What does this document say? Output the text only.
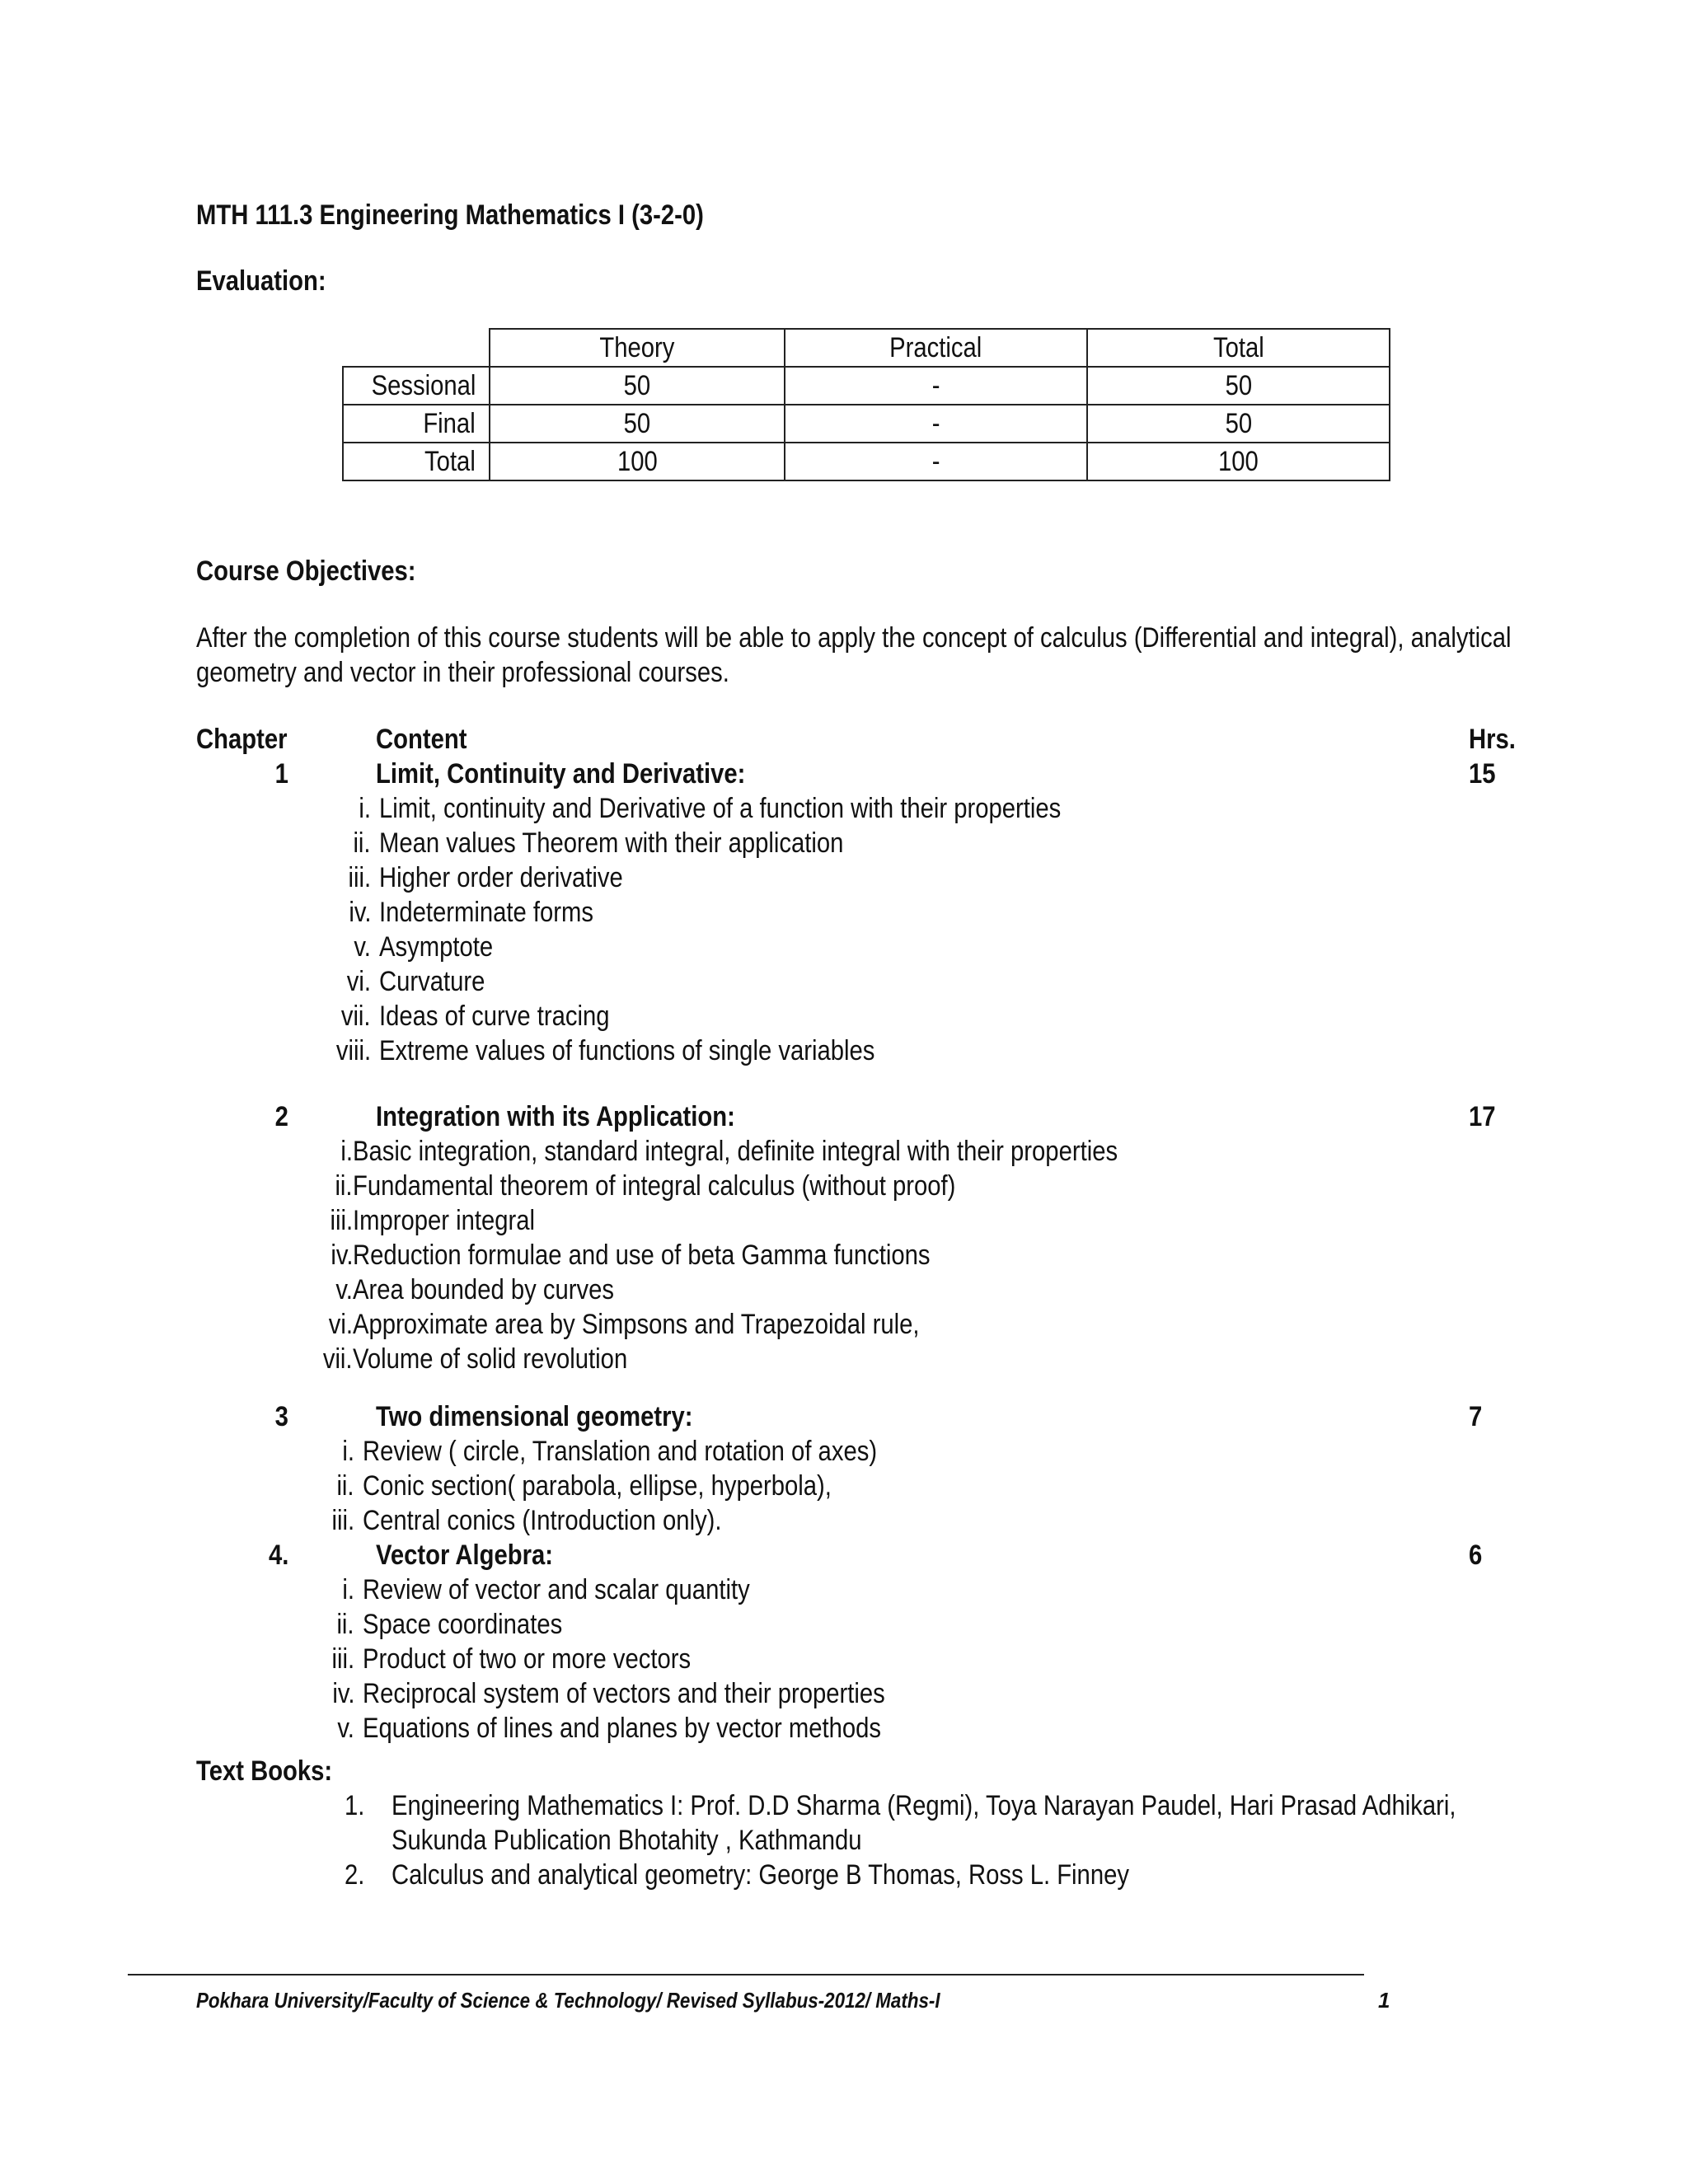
MTH 111.3 Engineering Mathematics I (3-2-0)
Evaluation:
	Theory	Practical	Total
Sessional	50	-	50
Final	50	-	50
Total	100	-	100
Course Objectives:
After the completion of this course students will be able to apply the concept of calculus (Differential and integral), analytical
geometry and vector in their professional courses.
Chapter	Content	Hrs.
1	Limit, Continuity and Derivative:	15
i. Limit, continuity and Derivative of a function with their properties
ii. Mean values Theorem with their application
iii. Higher order derivative
iv. Indeterminate forms
v. Asymptote
vi. Curvature
vii. Ideas of curve tracing
viii. Extreme values of functions of single variables
2	Integration with its Application:	17
i. Basic integration, standard integral, definite integral with their properties
ii. Fundamental theorem of integral calculus (without proof)
iii. Improper integral
iv. Reduction formulae and use of beta Gamma functions
v. Area bounded by curves
vi. Approximate area by Simpsons and Trapezoidal rule,
vii. Volume of solid revolution
3	Two dimensional geometry:	7
i. Review ( circle, Translation and rotation of axes)
ii. Conic section( parabola, ellipse, hyperbola),
iii. Central conics (Introduction only).
4.	Vector Algebra:	6
i. Review of vector and scalar quantity
ii. Space coordinates
iii. Product of two or more vectors
iv. Reciprocal system of vectors and their properties
v. Equations of lines and planes by vector methods
Text Books:
1. Engineering Mathematics I: Prof. D.D Sharma (Regmi), Toya Narayan Paudel, Hari Prasad Adhikari,
Sukunda Publication Bhotahity , Kathmandu
2. Calculus and analytical geometry: George B Thomas, Ross L. Finney
Pokhara University/Faculty of Science & Technology/ Revised Syllabus-2012/ Maths-I	1
